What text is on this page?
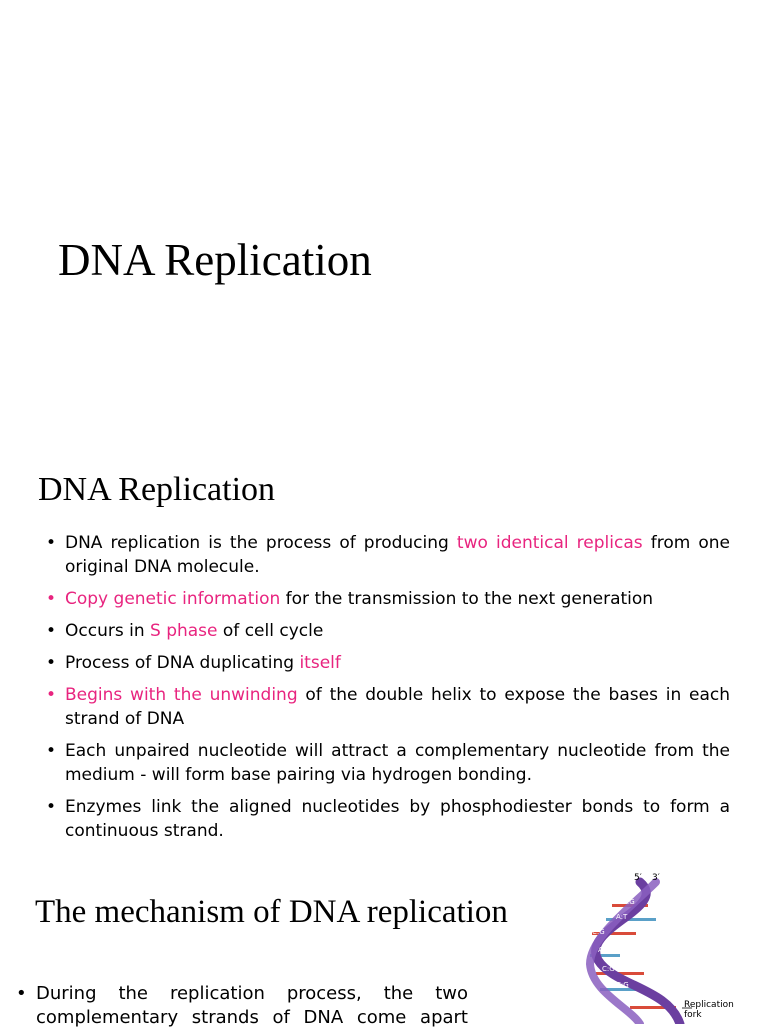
DNA Replication
DNA Replication
• DNA replication is the process of producing two identical replicas from one original DNA molecule.
• Copy genetic information for the transmission to the next generation
• Occurs in S phase of cell cycle
• Process of DNA duplicating itself
• Begins with the unwinding of the double helix to expose the bases in each strand of DNA
• Each unpaired nucleotide will attract a complementary nucleotide from the medium - will form base pairing via hydrogen bonding.
• Enzymes link the aligned nucleotides by phosphodiester bonds to form a continuous strand.
The mechanism of DNA replication
• During the replication process, the two complementary strands of DNA come apart
5′ 3′
C:G
A:T
C:G
A
C:G
C:G
T	Replication
fork
